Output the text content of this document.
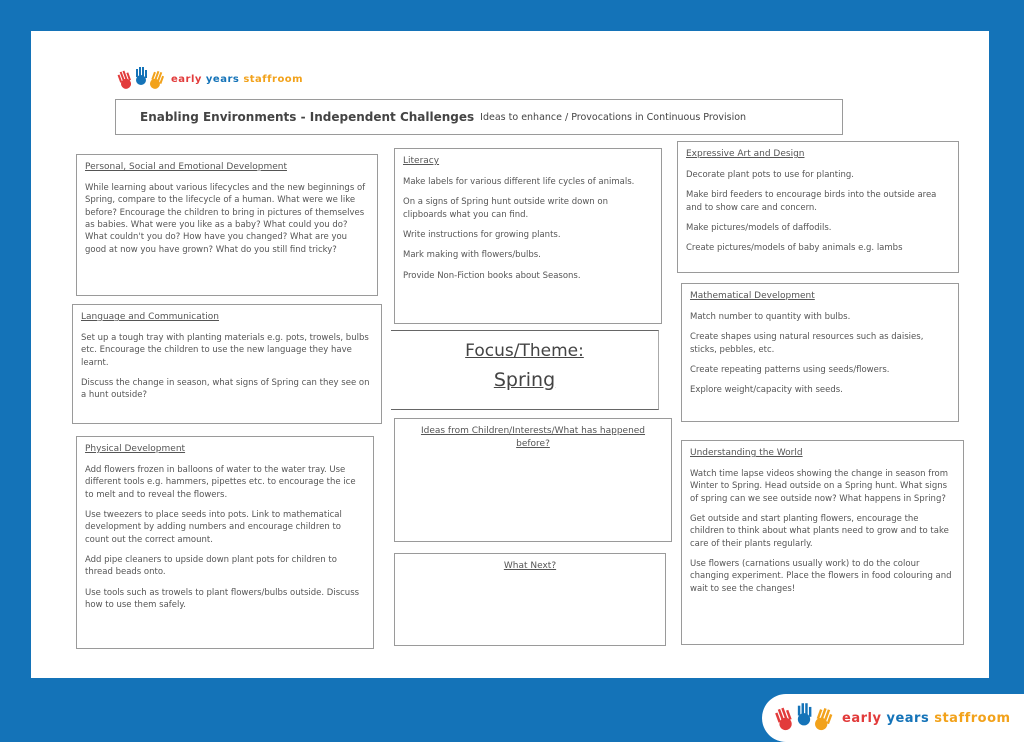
early years staffroom
Enabling Environments - Independent Challenges Ideas to enhance / Provocations in Continuous Provision
Personal, Social and Emotional Development

While learning about various lifecycles and the new beginnings of Spring, compare to the lifecycle of a human. What were we like before? Encourage the children to bring in pictures of themselves as babies. What were you like as a baby? What could you do? What couldn't you do? How have you changed? What are you good at now you have grown? What do you still find tricky?

Language and Communication

Set up a tough tray with planting materials e.g. pots, trowels, bulbs etc. Encourage the children to use the new language they have learnt.

Discuss the change in season, what signs of Spring can they see on a hunt outside?

Physical Development

Add flowers frozen in balloons of water to the water tray. Use different tools e.g. hammers, pipettes etc. to encourage the ice to melt and to reveal the flowers.

Use tweezers to place seeds into pots. Link to mathematical development by adding numbers and encourage children to count out the correct amount.

Add pipe cleaners to upside down plant pots for children to thread beads onto.

Use tools such as trowels to plant flowers/bulbs outside. Discuss how to use them safely.

Literacy

Make labels for various different life cycles of animals.

On a signs of Spring hunt outside write down on clipboards what you can find.

Write instructions for growing plants.

Mark making with flowers/bulbs.

Provide Non-Fiction books about Seasons.

Focus/Theme:
Spring
Ideas from Children/Interests/What has happened before?
What Next?
Expressive Art and Design

Decorate plant pots to use for planting.

Make bird feeders to encourage birds into the outside area and to show care and concern.

Make pictures/models of daffodils.

Create pictures/models of baby animals e.g. lambs

Mathematical Development

Match number to quantity with bulbs.

Create shapes using natural resources such as daisies, sticks, pebbles, etc.

Create repeating patterns using seeds/flowers.

Explore weight/capacity with seeds.

Understanding the World

Watch time lapse videos showing the change in season from Winter to Spring. Head outside on a Spring hunt. What signs of spring can we see outside now? What happens in Spring?

Get outside and start planting flowers, encourage the children to think about what plants need to grow and to take care of their plants regularly.

Use flowers (carnations usually work) to do the colour changing experiment. Place the flowers in food colouring and wait to see the changes!

early years staffroom
